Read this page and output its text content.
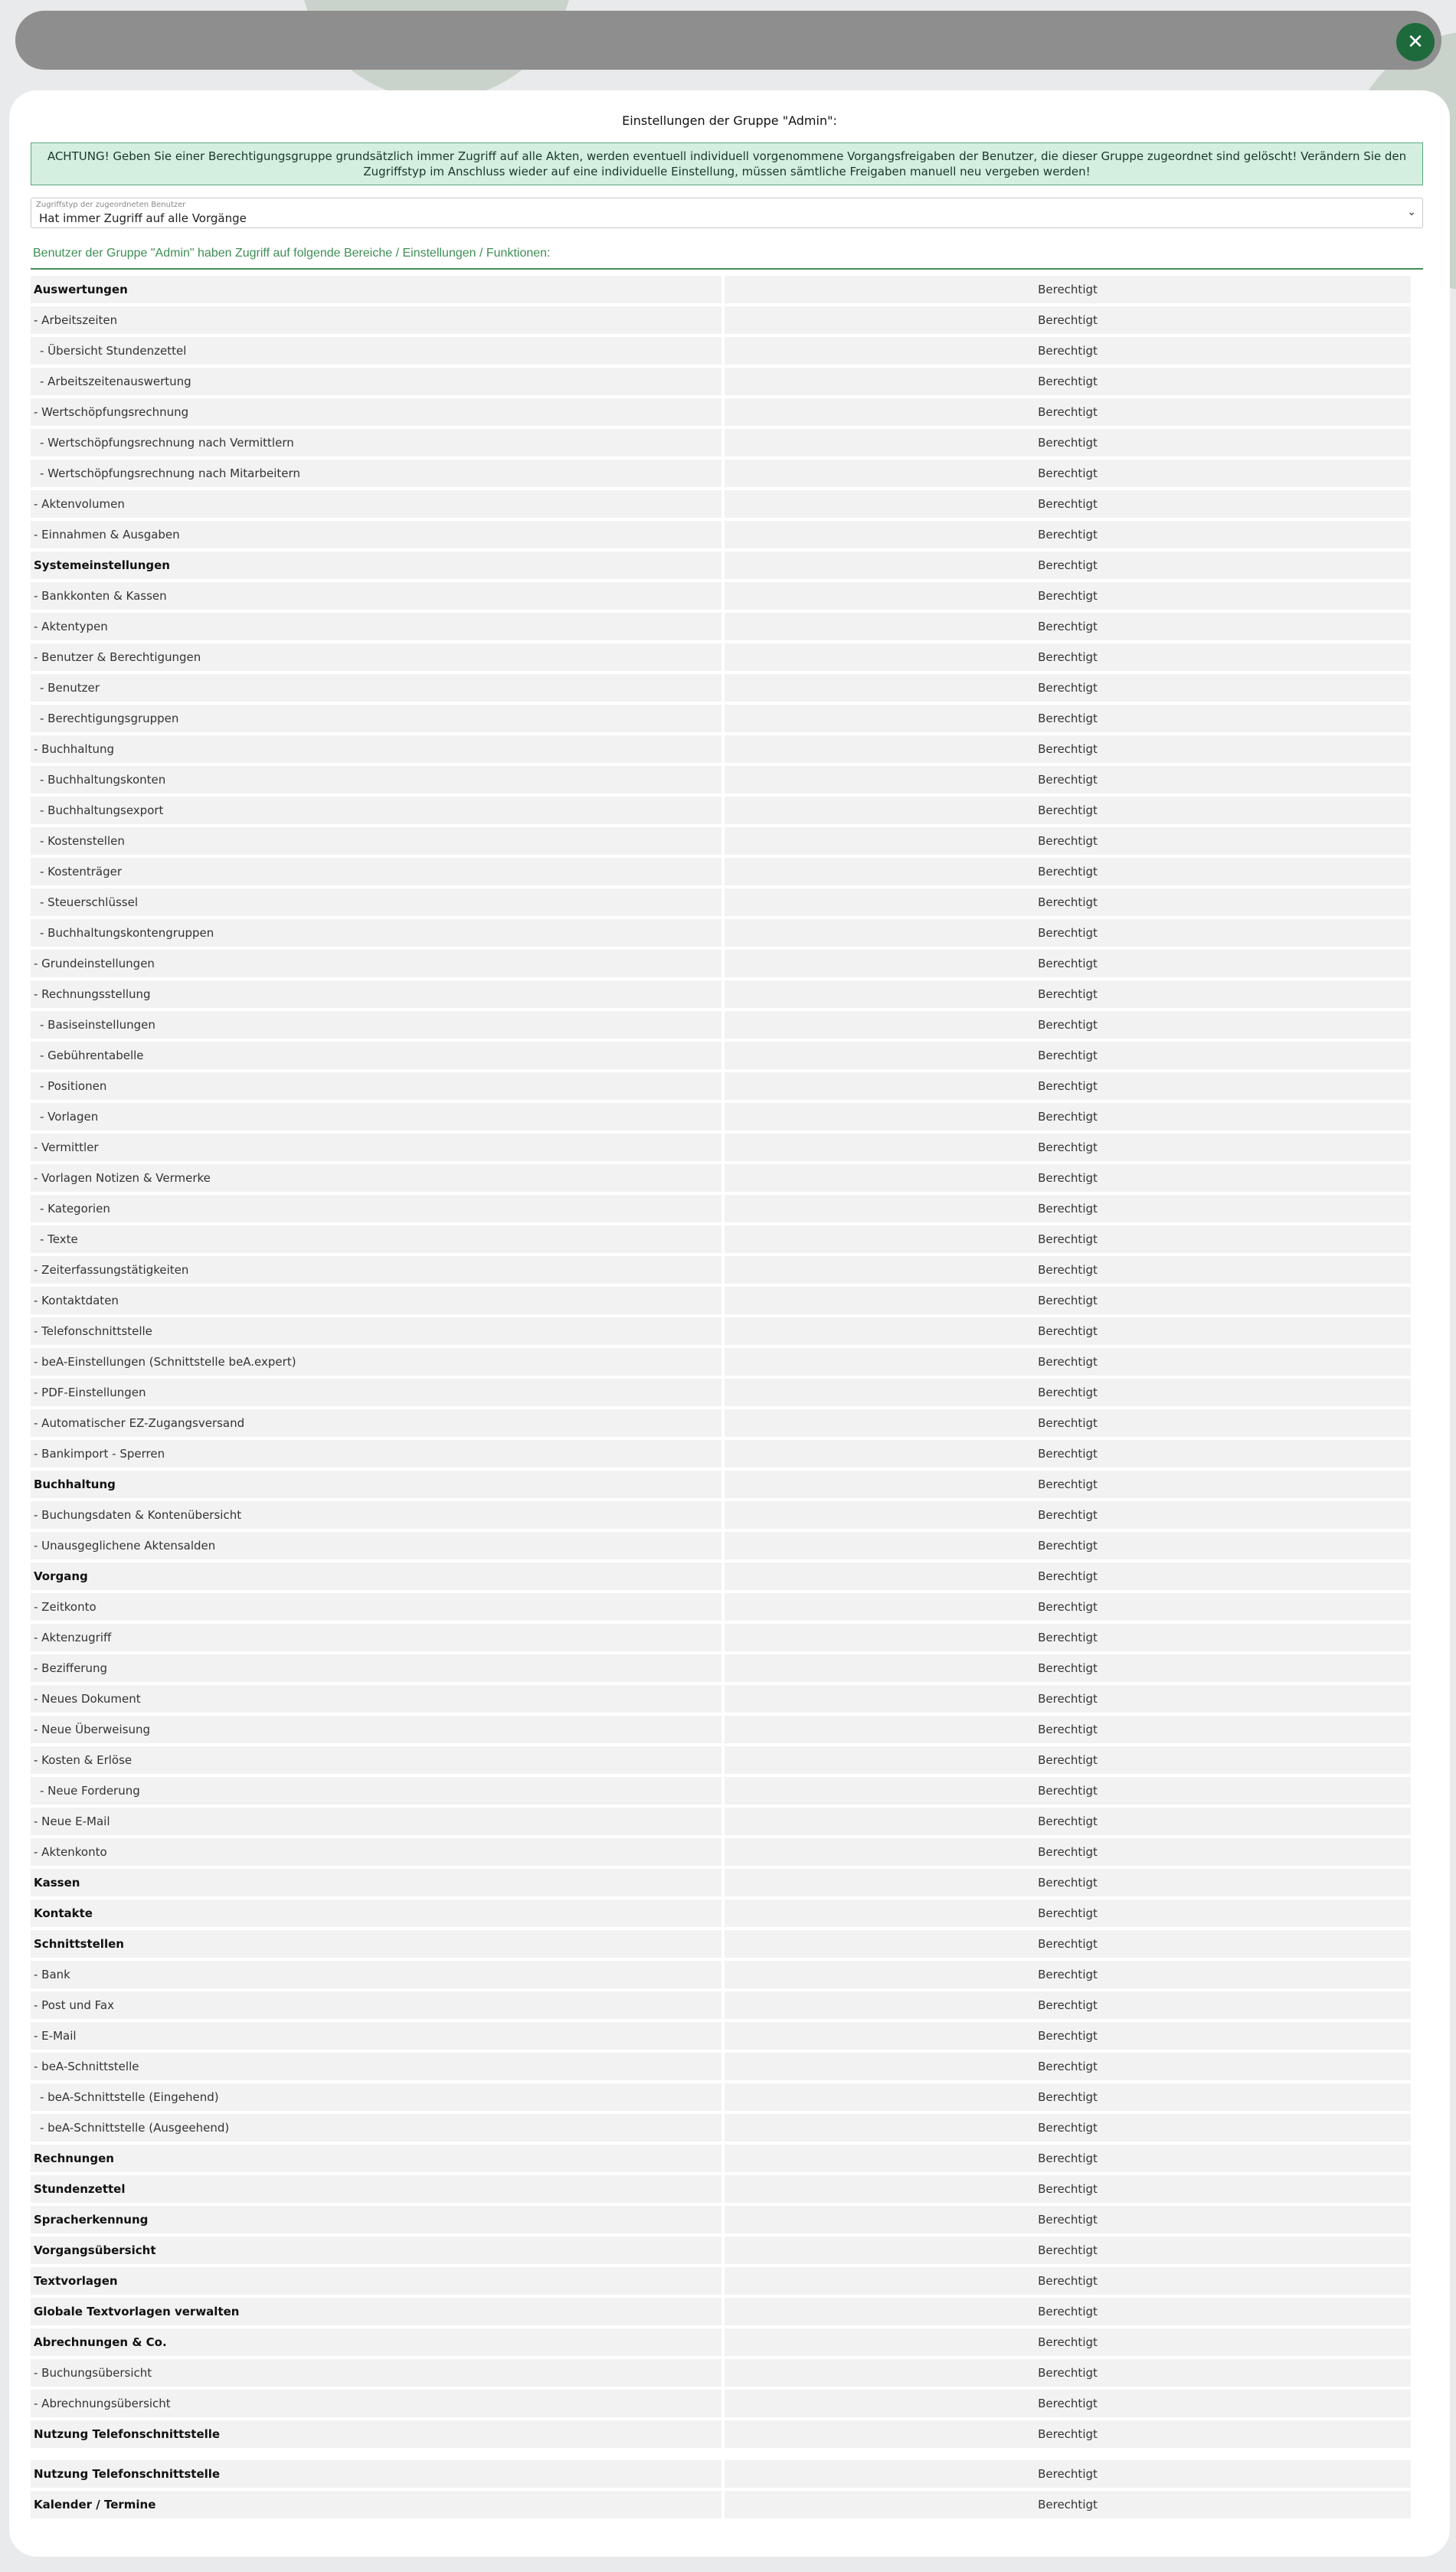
✕
Einstellungen der Gruppe "Admin":
ACHTUNG! Geben Sie einer Berechtigungsgruppe grundsätzlich immer Zugriff auf alle Akten, werden eventuell individuell vorgenommene Vorgangsfreigaben der Benutzer, die dieser Gruppe zugeordnet sind gelöscht! Verändern Sie den Zugriffstyp im Anschluss wieder auf eine individuelle Einstellung, müssen sämtliche Freigaben manuell neu vergeben werden!
Zugriffstyp der zugeordneten Benutzer
Hat immer Zugriff auf alle Vorgänge	⌄
Benutzer der Gruppe "Admin" haben Zugriff auf folgende Bereiche / Einstellungen / Funktionen:
Auswertungen	Berechtigt
- Arbeitszeiten	Berechtigt
- Übersicht Stundenzettel	Berechtigt
- Arbeitszeitenauswertung	Berechtigt
- Wertschöpfungsrechnung	Berechtigt
- Wertschöpfungsrechnung nach Vermittlern	Berechtigt
- Wertschöpfungsrechnung nach Mitarbeitern	Berechtigt
- Aktenvolumen	Berechtigt
- Einnahmen & Ausgaben	Berechtigt
Systemeinstellungen	Berechtigt
- Bankkonten & Kassen	Berechtigt
- Aktentypen	Berechtigt
- Benutzer & Berechtigungen	Berechtigt
- Benutzer	Berechtigt
- Berechtigungsgruppen	Berechtigt
- Buchhaltung	Berechtigt
- Buchhaltungskonten	Berechtigt
- Buchhaltungsexport	Berechtigt
- Kostenstellen	Berechtigt
- Kostenträger	Berechtigt
- Steuerschlüssel	Berechtigt
- Buchhaltungskontengruppen	Berechtigt
- Grundeinstellungen	Berechtigt
- Rechnungsstellung	Berechtigt
- Basiseinstellungen	Berechtigt
- Gebührentabelle	Berechtigt
- Positionen	Berechtigt
- Vorlagen	Berechtigt
- Vermittler	Berechtigt
- Vorlagen Notizen & Vermerke	Berechtigt
- Kategorien	Berechtigt
- Texte	Berechtigt
- Zeiterfassungstätigkeiten	Berechtigt
- Kontaktdaten	Berechtigt
- Telefonschnittstelle	Berechtigt
- beA-Einstellungen (Schnittstelle beA.expert)	Berechtigt
- PDF-Einstellungen	Berechtigt
- Automatischer EZ-Zugangsversand	Berechtigt
- Bankimport - Sperren	Berechtigt
Buchhaltung	Berechtigt
- Buchungsdaten & Kontenübersicht	Berechtigt
- Unausgeglichene Aktensalden	Berechtigt
Vorgang	Berechtigt
- Zeitkonto	Berechtigt
- Aktenzugriff	Berechtigt
- Bezifferung	Berechtigt
- Neues Dokument	Berechtigt
- Neue Überweisung	Berechtigt
- Kosten & Erlöse	Berechtigt
- Neue Forderung	Berechtigt
- Neue E-Mail	Berechtigt
- Aktenkonto	Berechtigt
Kassen	Berechtigt
Kontakte	Berechtigt
Schnittstellen	Berechtigt
- Bank	Berechtigt
- Post und Fax	Berechtigt
- E-Mail	Berechtigt
- beA-Schnittstelle	Berechtigt
- beA-Schnittstelle (Eingehend)	Berechtigt
- beA-Schnittstelle (Ausgeehend)	Berechtigt
Rechnungen	Berechtigt
Stundenzettel	Berechtigt
Spracherkennung	Berechtigt
Vorgangsübersicht	Berechtigt
Textvorlagen	Berechtigt
Globale Textvorlagen verwalten	Berechtigt
Abrechnungen & Co.	Berechtigt
- Buchungsübersicht	Berechtigt
- Abrechnungsübersicht	Berechtigt
Nutzung Telefonschnittstelle	Berechtigt
Nutzung Telefonschnittstelle	Berechtigt
Kalender / Termine	Berechtigt
